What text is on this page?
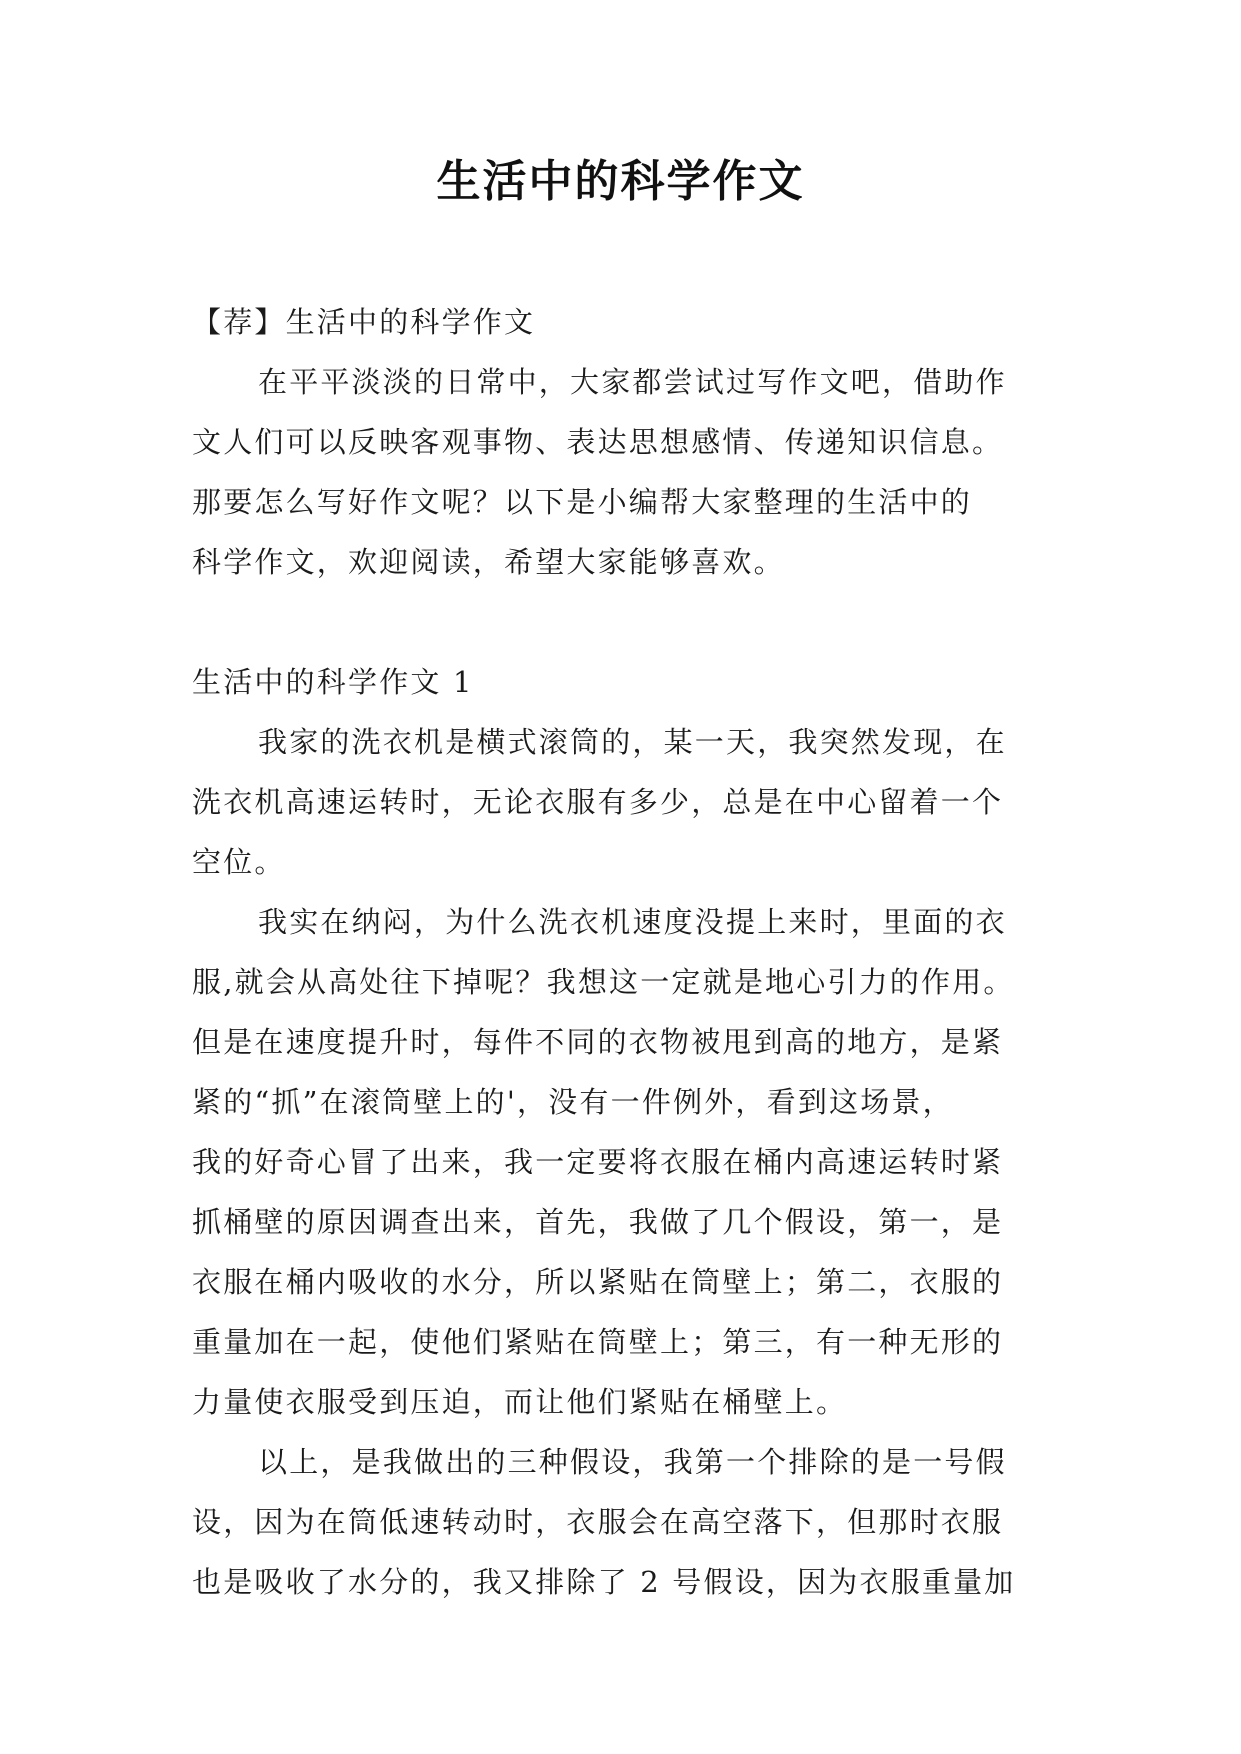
生活中的科学作文
【荐】生活中的科学作文
在平平淡淡的日常中，大家都尝试过写作文吧，借助作
文人们可以反映客观事物、表达思想感情、传递知识信息。
那要怎么写好作文呢？以下是小编帮大家整理的生活中的
科学作文，欢迎阅读，希望大家能够喜欢。
生活中的科学作文 1
我家的洗衣机是横式滚筒的，某一天，我突然发现，在
洗衣机高速运转时，无论衣服有多少，总是在中心留着一个
空位。
我实在纳闷，为什么洗衣机速度没提上来时，里面的衣
服,就会从高处往下掉呢？我想这一定就是地心引力的作用。
但是在速度提升时，每件不同的衣物被甩到高的地方，是紧
紧的“抓”在滚筒壁上的'，没有一件例外，看到这场景，
我的好奇心冒了出来，我一定要将衣服在桶内高速运转时紧
抓桶壁的原因调查出来，首先，我做了几个假设，第一，是
衣服在桶内吸收的水分，所以紧贴在筒壁上；第二，衣服的
重量加在一起，使他们紧贴在筒壁上；第三，有一种无形的
力量使衣服受到压迫，而让他们紧贴在桶壁上。
以上，是我做出的三种假设，我第一个排除的是一号假
设，因为在筒低速转动时，衣服会在高空落下，但那时衣服
也是吸收了水分的，我又排除了 2 号假设，因为衣服重量加
